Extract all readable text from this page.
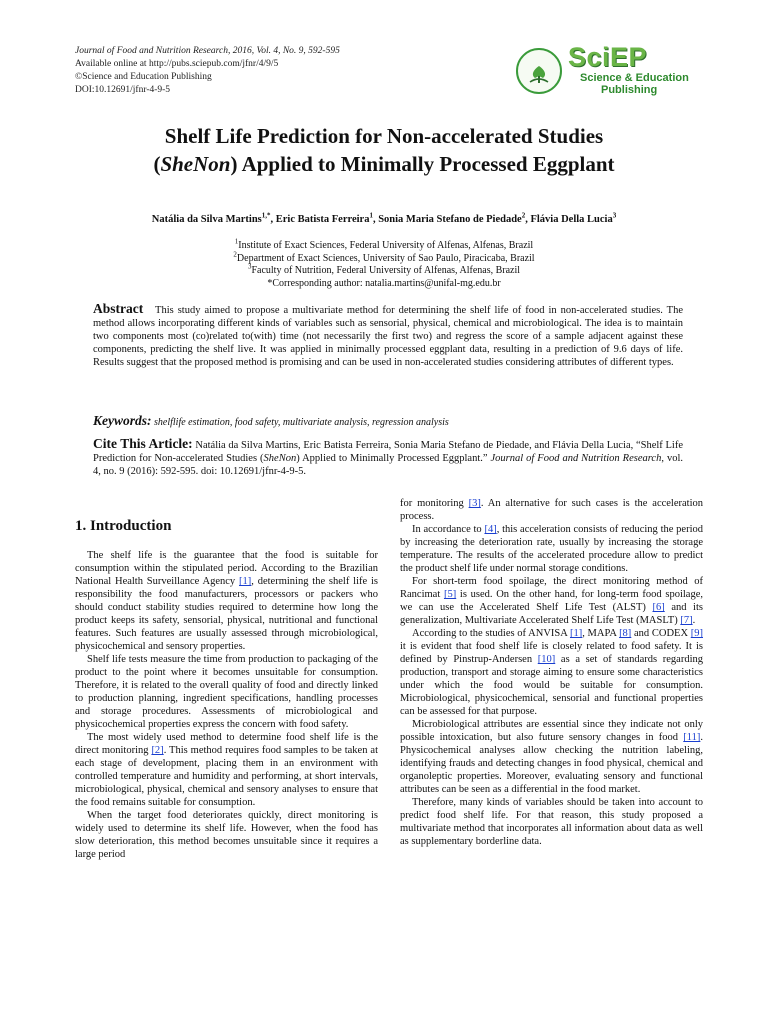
Journal of Food and Nutrition Research, 2016, Vol. 4, No. 9, 592-595
Available online at http://pubs.sciepub.com/jfnr/4/9/5
©Science and Education Publishing
DOI:10.12691/jfnr-4-9-5
SciEP
Science & Education
Publishing
Shelf Life Prediction for Non-accelerated Studies
(SheNon) Applied to Minimally Processed Eggplant
Natália da Silva Martins$^{1,*}$, Eric Batista Ferreira$^1$, Sonia Maria Stefano de Piedade$^2$, Flávia Della Lucia$^3$
$^1$Institute of Exact Sciences, Federal University of Alfenas, Alfenas, Brazil
$^2$Department of Exact Sciences, University of Sao Paulo, Piracicaba, Brazil
$^3$Faculty of Nutrition, Federal University of Alfenas, Alfenas, Brazil
*Corresponding author: natalia.martins@unifal-mg.edu.br
Abstract This study aimed to propose a multivariate method for determining the shelf life of food in non-accelerated studies. The method allows incorporating different kinds of variables such as sensorial, physical, chemical and microbiological. The idea is to maintain two components most (co)related to(with) time (not necessarily the first two) and regress the score of a sample adjacent against these components, predicting the shelf live. It was applied in minimally processed eggplant data, resulting in a prediction of 9.6 days of life. Results suggest that the proposed method is promising and can be used in non-accelerated studies considering attributes of different types.
Keywords: shelflife estimation, food safety, multivariate analysis, regression analysis
Cite This Article: Natália da Silva Martins, Eric Batista Ferreira, Sonia Maria Stefano de Piedade, and Flávia Della Lucia, “Shelf Life Prediction for Non-accelerated Studies (SheNon) Applied to Minimally Processed Eggplant.” Journal of Food and Nutrition Research, vol. 4, no. 9 (2016): 592-595. doi: 10.12691/jfnr-4-9-5.
1. Introduction

The shelf life is the guarantee that the food is suitable for consumption within the stipulated period. According to the Brazilian National Health Surveillance Agency [1], determining the shelf life is responsibility the food manufacturers, processors or packers who should conduct stability studies required to determine how long the product keeps its safety, sensorial, physical, nutritional and functional features. Such features are usually assessed through microbiological, physicochemical and sensory properties.

Shelf life tests measure the time from production to packaging of the product to the point where it becomes unsuitable for consumption. Therefore, it is related to the overall quality of food and directly linked to production planning, ingredient specifications, handling processes and storage procedures. Assessments of microbiological and physicochemical properties express the concern with food safety.

The most widely used method to determine food shelf life is the direct monitoring [2]. This method requires food samples to be taken at each stage of development, placing them in an environment with controlled temperature and humidity and performing, at short intervals, microbiological, physical, chemical and sensory analyses to ensure that the food remains suitable for consumption.

When the target food deteriorates quickly, direct monitoring is widely used to determine its shelf life. However, when the food has slow deterioration, this method becomes unsuitable since it requires a large period

for monitoring [3]. An alternative for such cases is the acceleration process.

In accordance to [4], this acceleration consists of reducing the period by increasing the deterioration rate, usually by increasing the storage temperature. The results of the accelerated procedure allow to predict the product shelf life under normal storage conditions.

For short-term food spoilage, the direct monitoring method of Rancimat [5] is used. On the other hand, for long-term food spoilage, we can use the Accelerated Shelf Life Test (ALST) [6] and its generalization, Multivariate Accelerated Shelf Life Test (MASLT) [7].

According to the studies of ANVISA [1], MAPA [8] and CODEX [9] it is evident that food shelf life is closely related to food safety. It is defined by Pinstrup-Andersen [10] as a set of standards regarding production, transport and storage aiming to ensure some characteristics under which the food would be suitable for consumption. Microbiological, physicochemical, sensorial and functional properties can be assessed for that purpose.

Microbiological attributes are essential since they indicate not only possible intoxication, but also future sensory changes in food [11]. Physicochemical analyses allow checking the nutrition labeling, identifying frauds and detecting changes in food physical, chemical and organoleptic properties. Moreover, evaluating sensory and functional attributes can be seen as a differential in the food market.

Therefore, many kinds of variables should be taken into account to predict food shelf life. For that reason, this study proposed a multivariate method that incorporates all information about data as well as supplementary borderline data.
